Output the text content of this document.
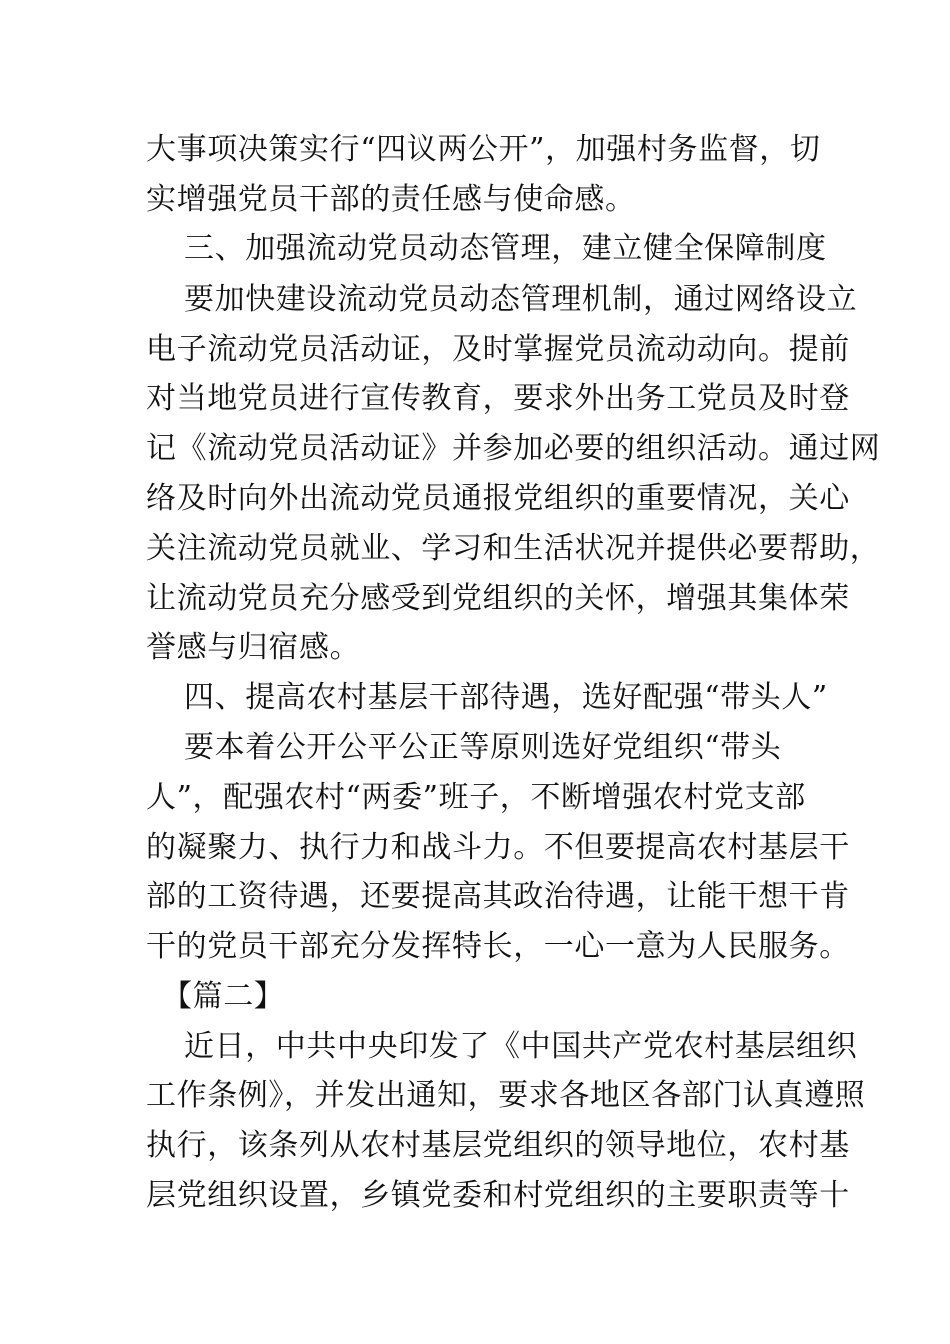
大事项决策实行“四议两公开”，加强村务监督，切
实增强党员干部的责任感与使命感。
三、加强流动党员动态管理，建立健全保障制度
要加快建设流动党员动态管理机制，通过网络设立
电子流动党员活动证，及时掌握党员流动动向。提前
对当地党员进行宣传教育，要求外出务工党员及时登
记《流动党员活动证》并参加必要的组织活动。通过网
络及时向外出流动党员通报党组织的重要情况，关心
关注流动党员就业、学习和生活状况并提供必要帮助，
让流动党员充分感受到党组织的关怀，增强其集体荣
誉感与归宿感。
四、提高农村基层干部待遇，选好配强“带头人”
要本着公开公平公正等原则选好党组织“带头
人”，配强农村“两委”班子，不断增强农村党支部
的凝聚力、执行力和战斗力。不但要提高农村基层干
部的工资待遇，还要提高其政治待遇，让能干想干肯
干的党员干部充分发挥特长，一心一意为人民服务。
【篇二】
近日，中共中央印发了《中国共产党农村基层组织
工作条例》，并发出通知，要求各地区各部门认真遵照
执行，该条列从农村基层党组织的领导地位，农村基
层党组织设置，乡镇党委和村党组织的主要职责等十
